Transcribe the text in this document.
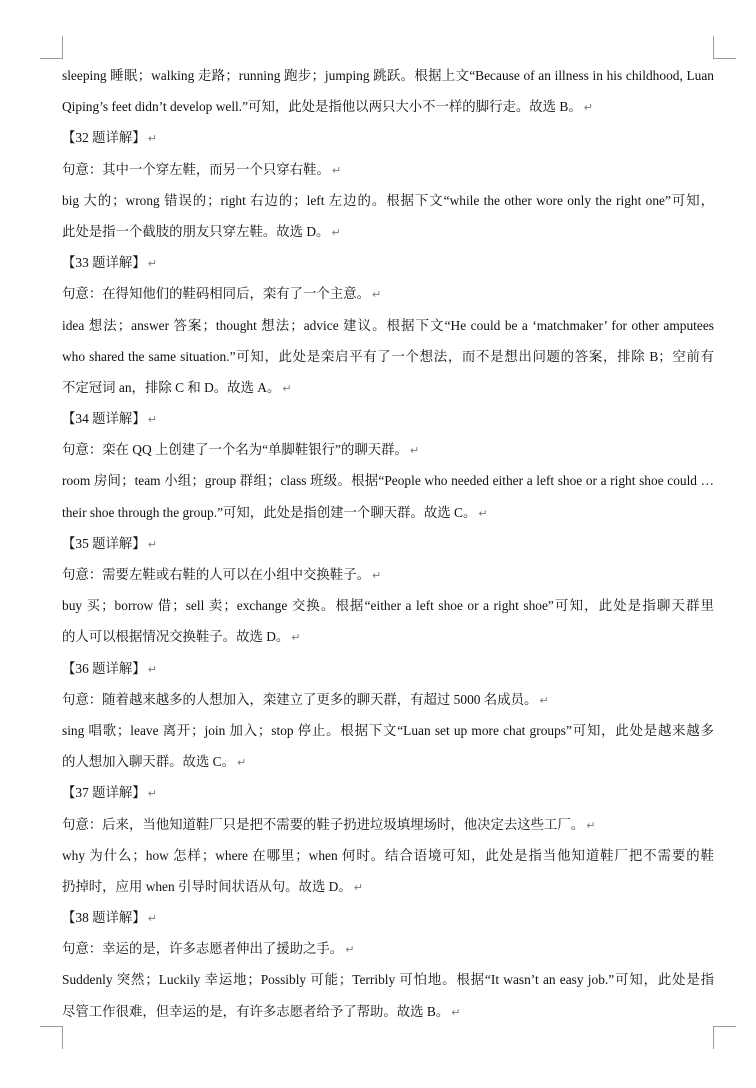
sleeping 睡眠；walking 走路；running 跑步；jumping 跳跃。根据上文“Because of an illness in his childhood, Luan
Qiping’s feet didn’t develop well.”可知，此处是指他以两只大小不一样的脚行走。故选 B。 ↵
【32 题详解】 ↵
句意：其中一个穿左鞋，而另一个只穿右鞋。 ↵
big 大的；wrong 错误的；right 右边的；left 左边的。根据下文“while the other wore only the right one”可知，
此处是指一个截肢的朋友只穿左鞋。故选 D。 ↵
【33 题详解】 ↵
句意：在得知他们的鞋码相同后，栾有了一个主意。 ↵
idea 想法；answer 答案；thought 想法；advice 建议。根据下文“He could be a ‘matchmaker’ for other amputees
who shared the same situation.”可知，此处是栾启平有了一个想法，而不是想出问题的答案，排除 B；空前有
不定冠词 an，排除 C 和 D。故选 A。 ↵
【34 题详解】 ↵
句意：栾在 QQ 上创建了一个名为“单脚鞋银行”的聊天群。 ↵
room 房间；team 小组；group 群组；class 班级。根据“People who needed either a left shoe or a right shoe could …
their shoe through the group.”可知，此处是指创建一个聊天群。故选 C。 ↵
【35 题详解】 ↵
句意：需要左鞋或右鞋的人可以在小组中交换鞋子。 ↵
buy 买；borrow 借；sell 卖；exchange 交换。根据“either a left shoe or a right shoe”可知，此处是指聊天群里
的人可以根据情况交换鞋子。故选 D。 ↵
【36 题详解】 ↵
句意：随着越来越多的人想加入，栾建立了更多的聊天群，有超过 5000 名成员。 ↵
sing 唱歌；leave 离开；join 加入；stop 停止。根据下文“Luan set up more chat groups”可知，此处是越来越多
的人想加入聊天群。故选 C。 ↵
【37 题详解】 ↵
句意：后来，当他知道鞋厂只是把不需要的鞋子扔进垃圾填埋场时，他决定去这些工厂。 ↵
why 为什么；how 怎样；where 在哪里；when 何时。结合语境可知，此处是指当他知道鞋厂把不需要的鞋
扔掉时，应用 when 引导时间状语从句。故选 D。 ↵
【38 题详解】 ↵
句意：幸运的是，许多志愿者伸出了援助之手。 ↵
Suddenly 突然；Luckily 幸运地；Possibly 可能；Terribly 可怕地。根据“It wasn’t an easy job.”可知，此处是指
尽管工作很难，但幸运的是，有许多志愿者给予了帮助。故选 B。 ↵
